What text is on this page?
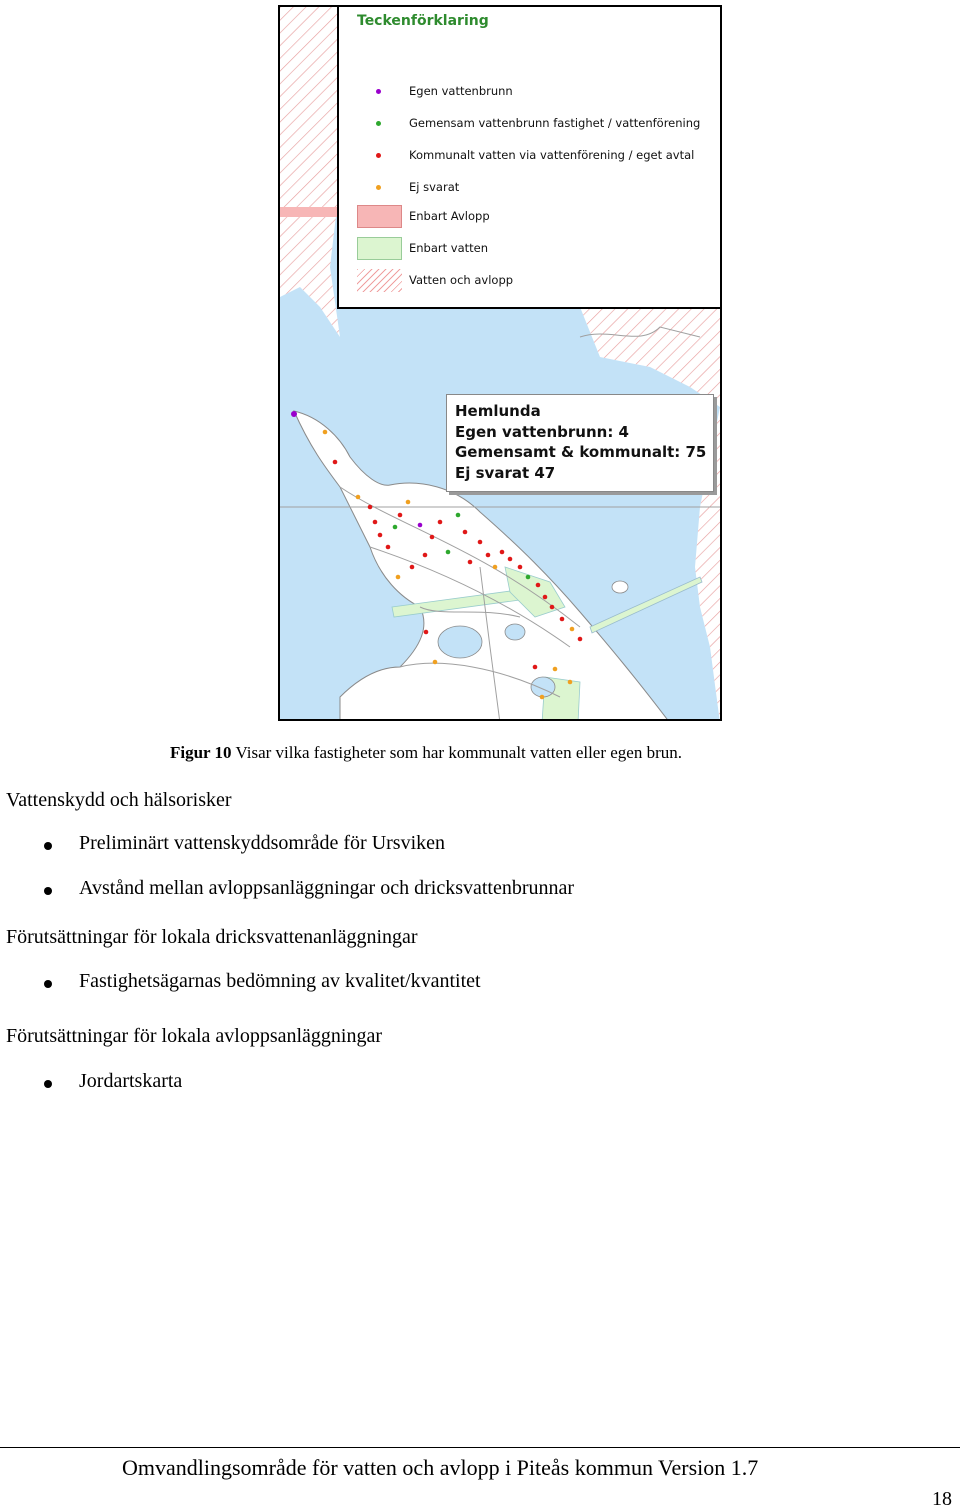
Teckenförklaring
Egen vattenbrunn
Gemensam vattenbrunn fastighet / vattenförening
Kommunalt vatten via vattenförening / eget avtal
Ej svarat
Enbart Avlopp
Enbart vatten
Vatten och avlopp
Hemlunda
Egen vattenbrunn: 4
Gemensamt & kommunalt: 75
Ej svarat 47
Figur 10 Visar vilka fastigheter som har kommunalt vatten eller egen brun.
Vattenskydd och hälsorisker
Preliminärt vattenskyddsområde för Ursviken
Avstånd mellan avloppsanläggningar och dricksvattenbrunnar
Förutsättningar för lokala dricksvattenanläggningar
Fastighetsägarnas bedömning av kvalitet/kvantitet
Förutsättningar för lokala avloppsanläggningar
Jordartskarta
Omvandlingsområde för vatten och avlopp i Piteås kommun Version 1.7
18
